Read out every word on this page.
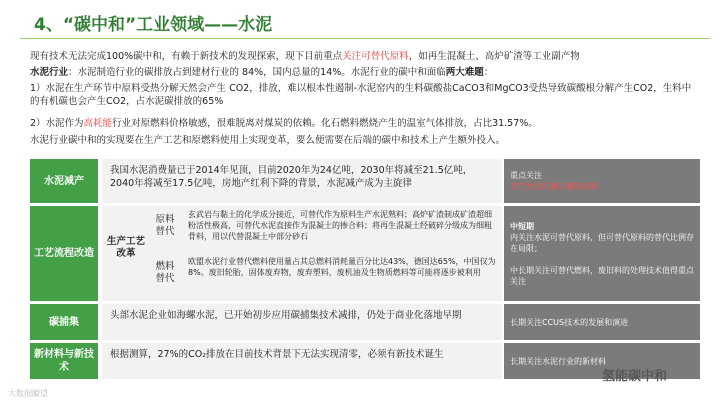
4、“碳中和”工业领域——水泥

现有技术无法完成100%碳中和，有赖于新技术的发现探索，现下目前重点关注可替代原料，如再生混凝土、高炉矿渣等工业副产物

水泥行业：水泥制造行业的碳排放占到建材行业的 84%，国内总量的14%。水泥行业的碳中和面临两大难题：
1）水泥在生产环节中原料受热分解天然会产生 CO2，排放，难以根本性遏制-水泥窑内的生料碳酸盐CaCO3和MgCO3受热导致碳酸根分解产生CO2，生料中的有机碳也会产生CO2，占水泥碳排放的65%
2）水泥作为高耗能行业对原燃料价格敏感，很难脱离对煤炭的依赖。化石燃料燃烧产生的温室气体排放，占比31.57%。
水泥行业碳中和的实现要在生产工艺和原燃料使用上实现变革，要么便需要在后端的碳中和技术上产生额外投入。
水泥减产
我国水泥消费量已于2014年见顶，目前2020年为24亿吨，2030年将减至21.5亿吨，2040年将减至17.5亿吨，房地产红利下降的背景，水泥减产成为主旋律
重点关注
替代水泥的新型建筑材料
工艺流程改造
生产工艺改革
原料替代
玄武岩与黏土的化学成分接近，可替代作为原料生产水泥熟料；高炉矿渣制成矿渣超细粉活性极高，可替代水泥直接作为混凝土的掺合料；将再生混凝土经破碎分级成为细粗骨料，用以代替混凝土中部分砂石
燃料替代
欧盟水泥行业替代燃料使用量占其总燃料消耗量百分比达43%，德国达65%，中国仅为8%。废旧轮胎，固体废弃物，废弃塑料，废机油及生物质燃料等可能将逐步被利用
中短期
内关注水泥可替代原料，但可替代原料的替代比例存在局限；

中长期关注可替代燃料，废旧料的处理技术值得重点关注
碳捕集
头部水泥企业如海螺水泥，已开始初步应用碳捕集技术减排，仍处于商业化落地早期
长期关注CCUS技术的发展和演进
新材料与新技术
根据测算，27%的CO₂排放在目前技术背景下无法实现清零，必须有新技术诞生
长期关注水泥行业的新材料
大数据瞭望
氢能碳中和
